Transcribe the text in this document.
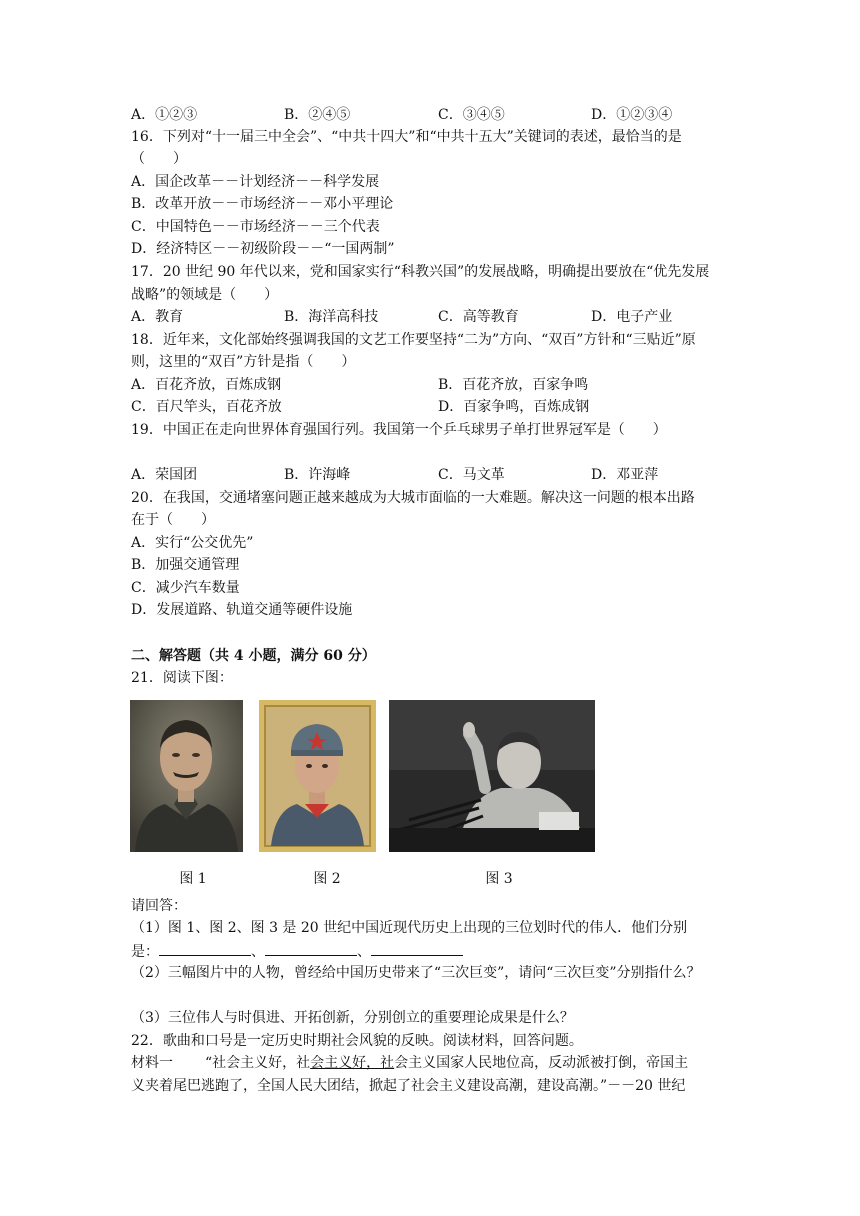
A．①②③	B．②④⑤	C．③④⑤	D．①②③④
16．下列对“十一届三中全会”、“中共十四大”和“中共十五大”关键词的表述，最恰当的是
（　　）
A．国企改革－－计划经济－－科学发展
B．改革开放－－市场经济－－邓小平理论
C．中国特色－－市场经济－－三个代表
D．经济特区－－初级阶段－－“一国两制”
17．20 世纪 90 年代以来，党和国家实行“科教兴国”的发展战略，明确提出要放在“优先发展
战略”的领域是（　　）
A．教育	B．海洋高科技	C．高等教育	D．电子产业
18．近年来，文化部始终强调我国的文艺工作要坚持“二为”方向、“双百”方针和“三贴近”原
则，这里的“双百”方针是指（　　）
A．百花齐放，百炼成钢	B．百花齐放，百家争鸣
C．百尺竿头，百花齐放	D．百家争鸣，百炼成钢
19．中国正在走向世界体育强国行列。我国第一个乒乓球男子单打世界冠军是（　　）
A．荣国团	B．许海峰	C．马文革	D．邓亚萍
20．在我国，交通堵塞问题正越来越成为大城市面临的一大难题。解决这一问题的根本出路
在于（　　）
A．实行“公交优先”
B．加强交通管理
C．减少汽车数量
D．发展道路、轨道交通等硬件设施
二、解答题（共 4 小题，满分 60 分）
21．阅读下图：
图 1	图 2	图 3
请回答：
（1）图 1、图 2、图 3 是 20 世纪中国近现代历史上出现的三位划时代的伟人．他们分别
是：	、	、
（2）三幅图片中的人物，曾经给中国历史带来了“三次巨变”，请问“三次巨变”分别指什么？
（3）三位伟人与时俱进、开拓创新，分别创立的重要理论成果是什么？
22．歌曲和口号是一定历史时期社会风貌的反映。阅读材料，回答问题。
材料一 “社会主义好，社会主义好，社会主义国家人民地位高，反动派被打倒，帝国主
义夹着尾巴逃跑了，全国人民大团结，掀起了社会主义建设高潮，建设高潮。”－－20 世纪
